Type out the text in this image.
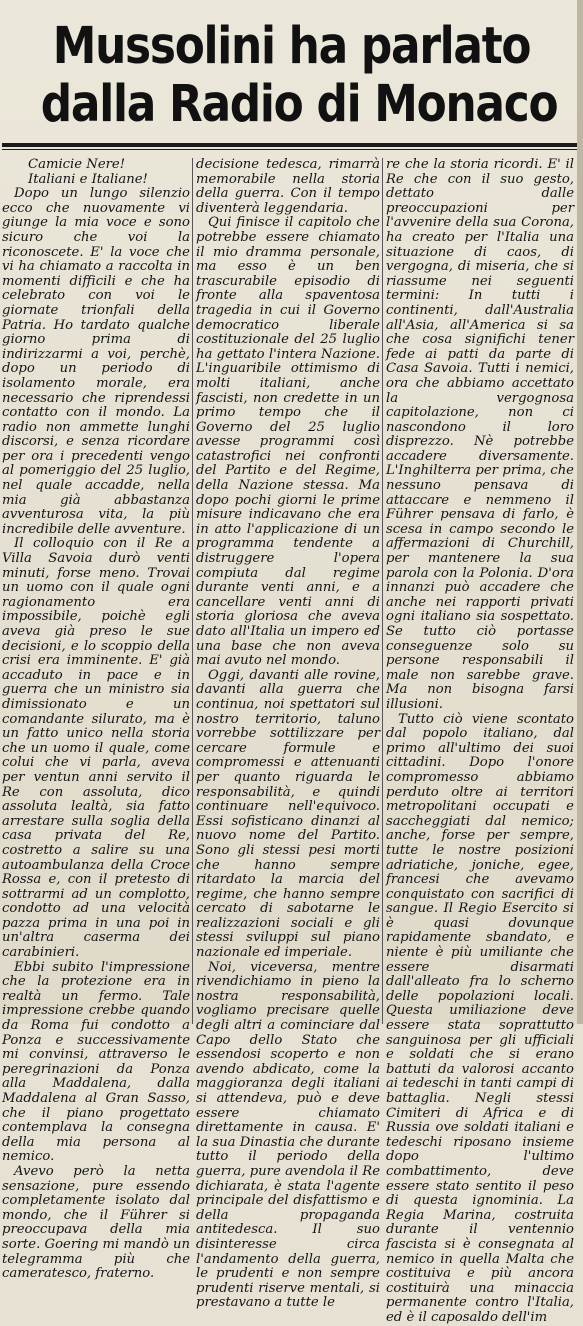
Mussolini ha parlato
dalla Radio di Monaco

Camicie Nere!

Italiani e Italiane!

Dopo un lungo silenzio ecco che nuovamente vi giunge la mia voce e sono sicuro che voi la riconoscete. E' la voce che vi ha chiamato a raccolta in momenti difficili e che ha celebrato con voi le giornate trionfali della Patria. Ho tardato qualche giorno prima di indirizzarmi a voi, perchè, dopo un periodo di isolamento morale, era necessario che riprendessi contatto con il mondo. La radio non ammette lunghi discorsi, e senza ricordare per ora i precedenti vengo al pomeriggio del 25 luglio, nel quale accadde, nella mia già abbastanza avventurosa vita, la più incredibile delle avventure.

Il colloquio con il Re a Villa Savoia durò venti minuti, forse meno. Trovai un uomo con il quale ogni ragionamento era impossibile, poichè egli aveva già preso le sue decisioni, e lo scoppio della crisi era imminente. E' già accaduto in pace e in guerra che un ministro sia dimissionato e un comandante silurato, ma è un fatto unico nella storia che un uomo il quale, come colui che vi parla, aveva per ventun anni servito il Re con assoluta, dico assoluta lealtà, sia fatto arrestare sulla soglia della casa privata del Re, costretto a salire su una autoambulanza della Croce Rossa e, con il pretesto di sottrarmi ad un complotto, condotto ad una velocità pazza prima in una poi in un'altra caserma dei carabinieri.

Ebbi subito l'impressione che la protezione era in realtà un fermo. Tale impressione crebbe quando da Roma fui condotto a Ponza e successivamente mi convinsi, attraverso le peregrinazioni da Ponza alla Maddalena, dalla Maddalena al Gran Sasso, che il piano progettato contemplava la consegna della mia persona al nemico.

Avevo però la netta sensazione, pure essendo completamente isolato dal mondo, che il Führer si preoccupava della mia sorte. Goering mi mandò un telegramma più che cameratesco, fraterno.

decisione tedesca, rimarrà memorabile nella storia della guerra. Con il tempo diventerà leggendaria.

Qui finisce il capitolo che potrebbe essere chiamato il mio dramma personale, ma esso è un ben trascurabile episodio di fronte alla spaventosa tragedia in cui il Governo democratico liberale costituzionale del 25 luglio ha gettato l'intera Nazione. L'inguaribile ottimismo di molti italiani, anche fascisti, non credette in un primo tempo che il Governo del 25 luglio avesse programmi così catastrofici nei confronti del Partito e del Regime, della Nazione stessa. Ma dopo pochi giorni le prime misure indicavano che era in atto l'applicazione di un programma tendente a distruggere l'opera compiuta dal regime durante venti anni, e a cancellare venti anni di storia gloriosa che aveva dato all'Italia un impero ed una base che non aveva mai avuto nel mondo.

Oggi, davanti alle rovine, davanti alla guerra che continua, noi spettatori sul nostro territorio, taluno vorrebbe sottilizzare per cercare formule e compromessi e attenuanti per quanto riguarda le responsabilità, e quindi continuare nell'equivoco. Essi sofisticano dinanzi al nuovo nome del Partito. Sono gli stessi pesi morti che hanno sempre ritardato la marcia del regime, che hanno sempre cercato di sabotarne le realizzazioni sociali e gli stessi sviluppi sul piano nazionale ed imperiale.

Noi, viceversa, mentre rivendichiamo in pieno la nostra responsabilità, vogliamo precisare quelle degli altri a cominciare dal Capo dello Stato che essendosi scoperto e non avendo abdicato, come la maggioranza degli italiani si attendeva, può e deve essere chiamato direttamente in causa. E' la sua Dinastia che durante tutto il periodo della guerra, pure avendola il Re dichiarata, è stata l'agente principale del disfattismo e della propaganda antitedesca. Il suo disinteresse circa l'andamento della guerra, le prudenti e non sempre prudenti riserve mentali, si prestavano a tutte le

re che la storia ricordi. E' il Re che con il suo gesto, dettato dalle preoccupazioni per l'avvenire della sua Corona, ha creato per l'Italia una situazione di caos, di vergogna, di miseria, che si riassume nei seguenti termini: In tutti i continenti, dall'Australia all'Asia, all'America si sa che cosa significhi tener fede ai patti da parte di Casa Savoia. Tutti i nemici, ora che abbiamo accettato la vergognosa capitolazione, non ci nascondono il loro disprezzo. Nè potrebbe accadere diversamente. L'Inghilterra per prima, che nessuno pensava di attaccare e nemmeno il Führer pensava di farlo, è scesa in campo secondo le affermazioni di Churchill, per mantenere la sua parola con la Polonia. D'ora innanzi può accadere che anche nei rapporti privati ogni italiano sia sospettato. Se tutto ciò portasse conseguenze solo su persone responsabili il male non sarebbe grave. Ma non bisogna farsi illusioni.

Tutto ciò viene scontato dal popolo italiano, dal primo all'ultimo dei suoi cittadini. Dopo l'onore compromesso abbiamo perduto oltre ai territori metropolitani occupati e saccheggiati dal nemico; anche, forse per sempre, tutte le nostre posizioni adriatiche, joniche, egee, francesi che avevamo conquistato con sacrifici di sangue. Il Regio Esercito si è quasi dovunque rapidamente sbandato, e niente è più umiliante che essere disarmati dall'alleato fra lo scherno delle popolazioni locali. Questa umiliazione deve essere stata soprattutto sanguinosa per gli ufficiali e soldati che si erano battuti da valorosi accanto ai tedeschi in tanti campi di battaglia. Negli stessi Cimiteri di Africa e di Russia ove soldati italiani e tedeschi riposano insieme dopo l'ultimo combattimento, deve essere stato sentito il peso di questa ignominia. La Regia Marina, costruita durante il ventennio fascista si è consegnata al nemico in quella Malta che costituiva e più ancora costituirà una minaccia permanente contro l'Italia, ed è il caposaldo dell'im
